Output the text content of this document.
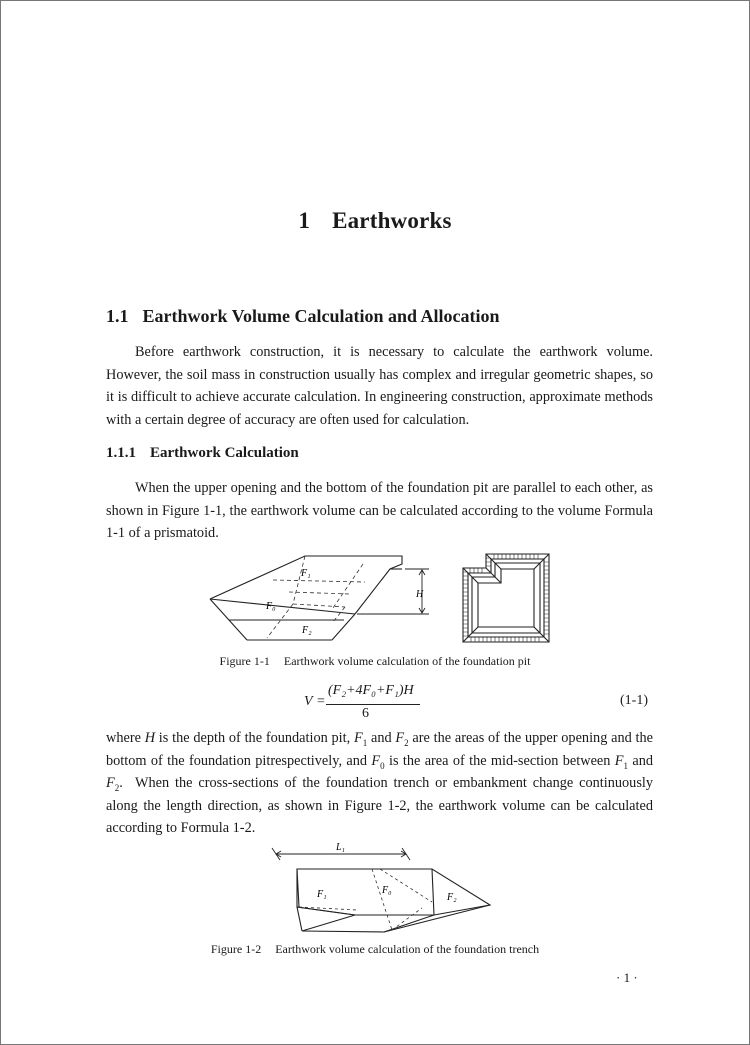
1 Earthworks
1.1 Earthwork Volume Calculation and Allocation
Before earthwork construction, it is necessary to calculate the earthwork volume. However, the soil mass in construction usually has complex and irregular geometric shapes, so it is difficult to achieve accurate calculation. In engineering construction, approximate methods with a certain degree of accuracy are often used for calculation.
1.1.1 Earthwork Calculation
When the upper opening and the bottom of the foundation pit are parallel to each other, as shown in Figure 1-1, the earthwork volume can be calculated according to the volume Formula 1-1 of a prismatoid.
F₁
F₀
F₂
H
Figure 1-1 Earthwork volume calculation of the foundation pit
V =
(F₂+4F₀+F₁)H
6
(1-1)
where H is the depth of the foundation pit, $F_1$ and $F_2$ are the areas of the upper opening and the bottom of the foundation pitrespectively, and $F_0$ is the area of the mid-section between $F_1$ and $F_2$. When the cross-sections of the foundation trench or embankment change continuously along the length direction, as shown in Figure 1-2, the earthwork volume can be calculated according to Formula 1-2.
L₁
F₁	F₀
F₂
Figure 1-2 Earthwork volume calculation of the foundation trench
· 1 ·
